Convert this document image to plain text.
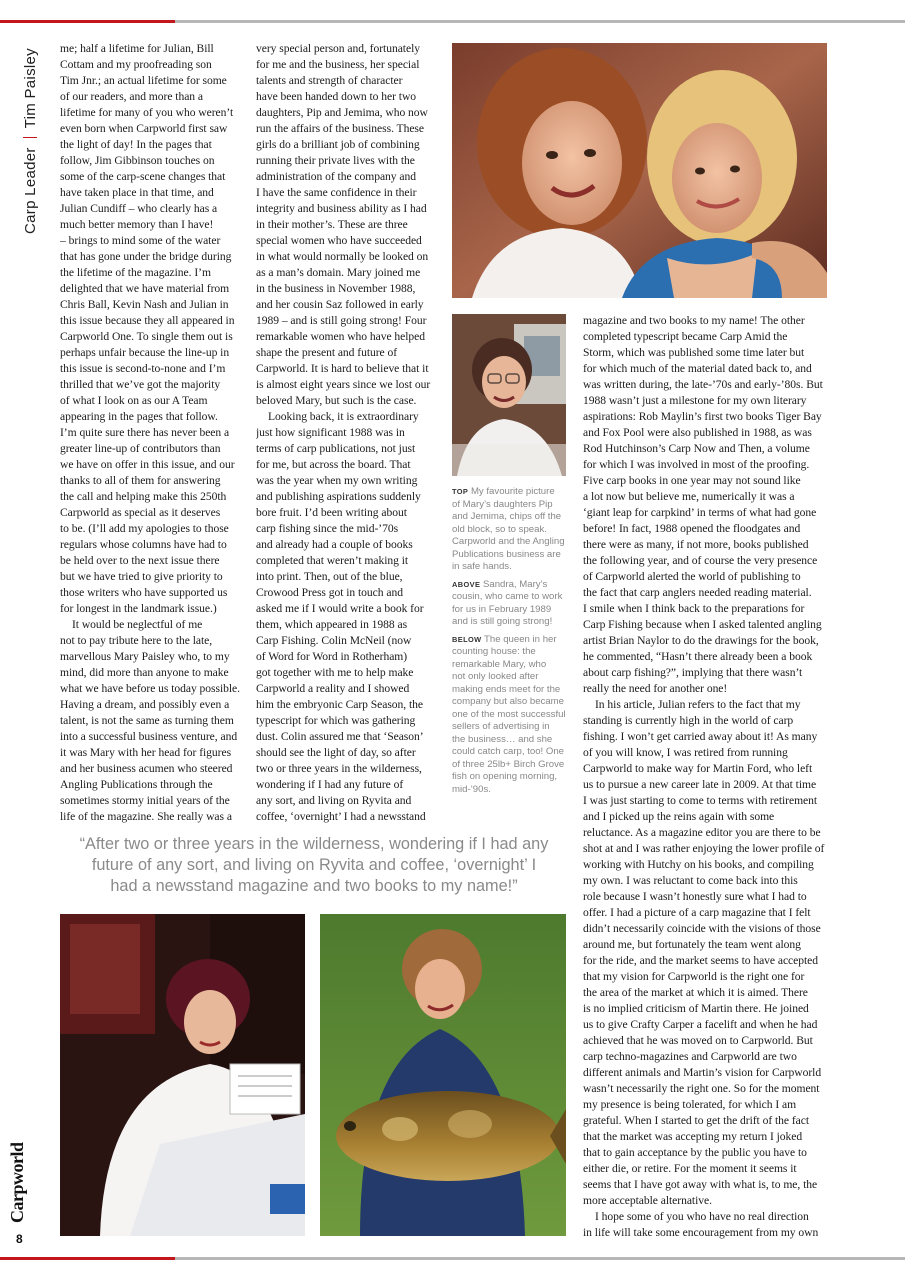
Carp LeaderTim Paisley me; half a lifetime for Julian, Bill
Cottam and my proofreading son
Tim Jnr.; an actual lifetime for some
of our readers, and more than a
lifetime for many of you who weren’t
even born when Carpworld first saw
the light of day! In the pages that
follow, Jim Gibbinson touches on
some of the carp-scene changes that
have taken place in that time, and
Julian Cundiff – who clearly has a
much better memory than I have!
– brings to mind some of the water
that has gone under the bridge during
the lifetime of the magazine. I’m
delighted that we have material from
Chris Ball, Kevin Nash and Julian in
this issue because they all appeared in
Carpworld One. To single them out is
perhaps unfair because the line-up in
this issue is second-to-none and I’m
thrilled that we’ve got the majority
of what I look on as our A Team
appearing in the pages that follow.
I’m quite sure there has never been a
greater line-up of contributors than
we have on offer in this issue, and our
thanks to all of them for answering
the call and helping make this 250th
Carpworld as special as it deserves
to be. (I’ll add my apologies to those
regulars whose columns have had to
be held over to the next issue there
but we have tried to give priority to
those writers who have supported us
for longest in the landmark issue.)

It would be neglectful of me
not to pay tribute here to the late,
marvellous Mary Paisley who, to my
mind, did more than anyone to make
what we have before us today possible.
Having a dream, and possibly even a
talent, is not the same as turning them
into a successful business venture, and
it was Mary with her head for figures
and her business acumen who steered
Angling Publications through the
sometimes stormy initial years of the
life of the magazine. She really was a

very special person and, fortunately
for me and the business, her special
talents and strength of character
have been handed down to her two
daughters, Pip and Jemima, who now
run the affairs of the business. These
girls do a brilliant job of combining
running their private lives with the
administration of the company and
I have the same confidence in their
integrity and business ability as I had
in their mother’s. These are three
special women who have succeeded
in what would normally be looked on
as a man’s domain. Mary joined me
in the business in November 1988,
and her cousin Saz followed in early
1989 – and is still going strong! Four
remarkable women who have helped
shape the present and future of
Carpworld. It is hard to believe that it
is almost eight years since we lost our
beloved Mary, but such is the case.

Looking back, it is extraordinary
just how significant 1988 was in
terms of carp publications, not just
for me, but across the board. That
was the year when my own writing
and publishing aspirations suddenly
bore fruit. I’d been writing about
carp fishing since the mid-’70s
and already had a couple of books
completed that weren’t making it
into print. Then, out of the blue,
Crowood Press got in touch and
asked me if I would write a book for
them, which appeared in 1988 as
Carp Fishing. Colin McNeil (now
of Word for Word in Rotherham)
got together with me to help make
Carpworld a reality and I showed
him the embryonic Carp Season, the
typescript for which was gathering
dust. Colin assured me that ‘Season’
should see the light of day, so after
two or three years in the wilderness,
wondering if I had any future of
any sort, and living on Ryvita and
coffee, ‘overnight’ I had a newsstand

TOP My favourite picture
of Mary’s daughters Pip
and Jemima, chips off the
old block, so to speak.
Carpworld and the Angling
Publications business are
in safe hands.

ABOVE Sandra, Mary’s
cousin, who came to work
for us in February 1989
and is still going strong!

BELOW The queen in her
counting house: the
remarkable Mary, who
not only looked after
making ends meet for the
company but also became
one of the most successful
sellers of advertising in
the business… and she
could catch carp, too! One
of three 25lb+ Birch Grove
fish on opening morning,
mid-’90s.

magazine and two books to my name! The other
completed typescript became Carp Amid the
Storm, which was published some time later but
for which much of the material dated back to, and
was written during, the late-’70s and early-’80s. But
1988 wasn’t just a milestone for my own literary
aspirations: Rob Maylin’s first two books Tiger Bay
and Fox Pool were also published in 1988, as was
Rod Hutchinson’s Carp Now and Then, a volume
for which I was involved in most of the proofing.
Five carp books in one year may not sound like
a lot now but believe me, numerically it was a
‘giant leap for carpkind’ in terms of what had gone
before! In fact, 1988 opened the floodgates and
there were as many, if not more, books published
the following year, and of course the very presence
of Carpworld alerted the world of publishing to
the fact that carp anglers needed reading material.
I smile when I think back to the preparations for
Carp Fishing because when I asked talented angling
artist Brian Naylor to do the drawings for the book,
he commented, “Hasn’t there already been a book
about carp fishing?”, implying that there wasn’t
really the need for another one!

In his article, Julian refers to the fact that my
standing is currently high in the world of carp
fishing. I won’t get carried away about it! As many
of you will know, I was retired from running
Carpworld to make way for Martin Ford, who left
us to pursue a new career late in 2009. At that time
I was just starting to come to terms with retirement
and I picked up the reins again with some
reluctance. As a magazine editor you are there to be
shot at and I was rather enjoying the lower profile of
working with Hutchy on his books, and compiling
my own. I was reluctant to come back into this
role because I wasn’t honestly sure what I had to
offer. I had a picture of a carp magazine that I felt
didn’t necessarily coincide with the visions of those
around me, but fortunately the team went along
for the ride, and the market seems to have accepted
that my vision for Carpworld is the right one for
the area of the market at which it is aimed. There
is no implied criticism of Martin there. He joined
us to give Crafty Carper a facelift and when he had
achieved that he was moved on to Carpworld. But
carp techno-magazines and Carpworld are two
different animals and Martin’s vision for Carpworld
wasn’t necessarily the right one. So for the moment
my presence is being tolerated, for which I am
grateful. When I started to get the drift of the fact
that the market was accepting my return I joked
that to gain acceptance by the public you have to
either die, or retire. For the moment it seems it
seems that I have got away with what is, to me, the
more acceptable alternative.

I hope some of you who have no real direction
in life will take some encouragement from my own

“After two or three years in the wilderness, wondering if I had any
future of any sort, and living on Ryvita and coffee, ‘overnight’ I
had a newsstand magazine and two books to my name!”
Carpworld
8
